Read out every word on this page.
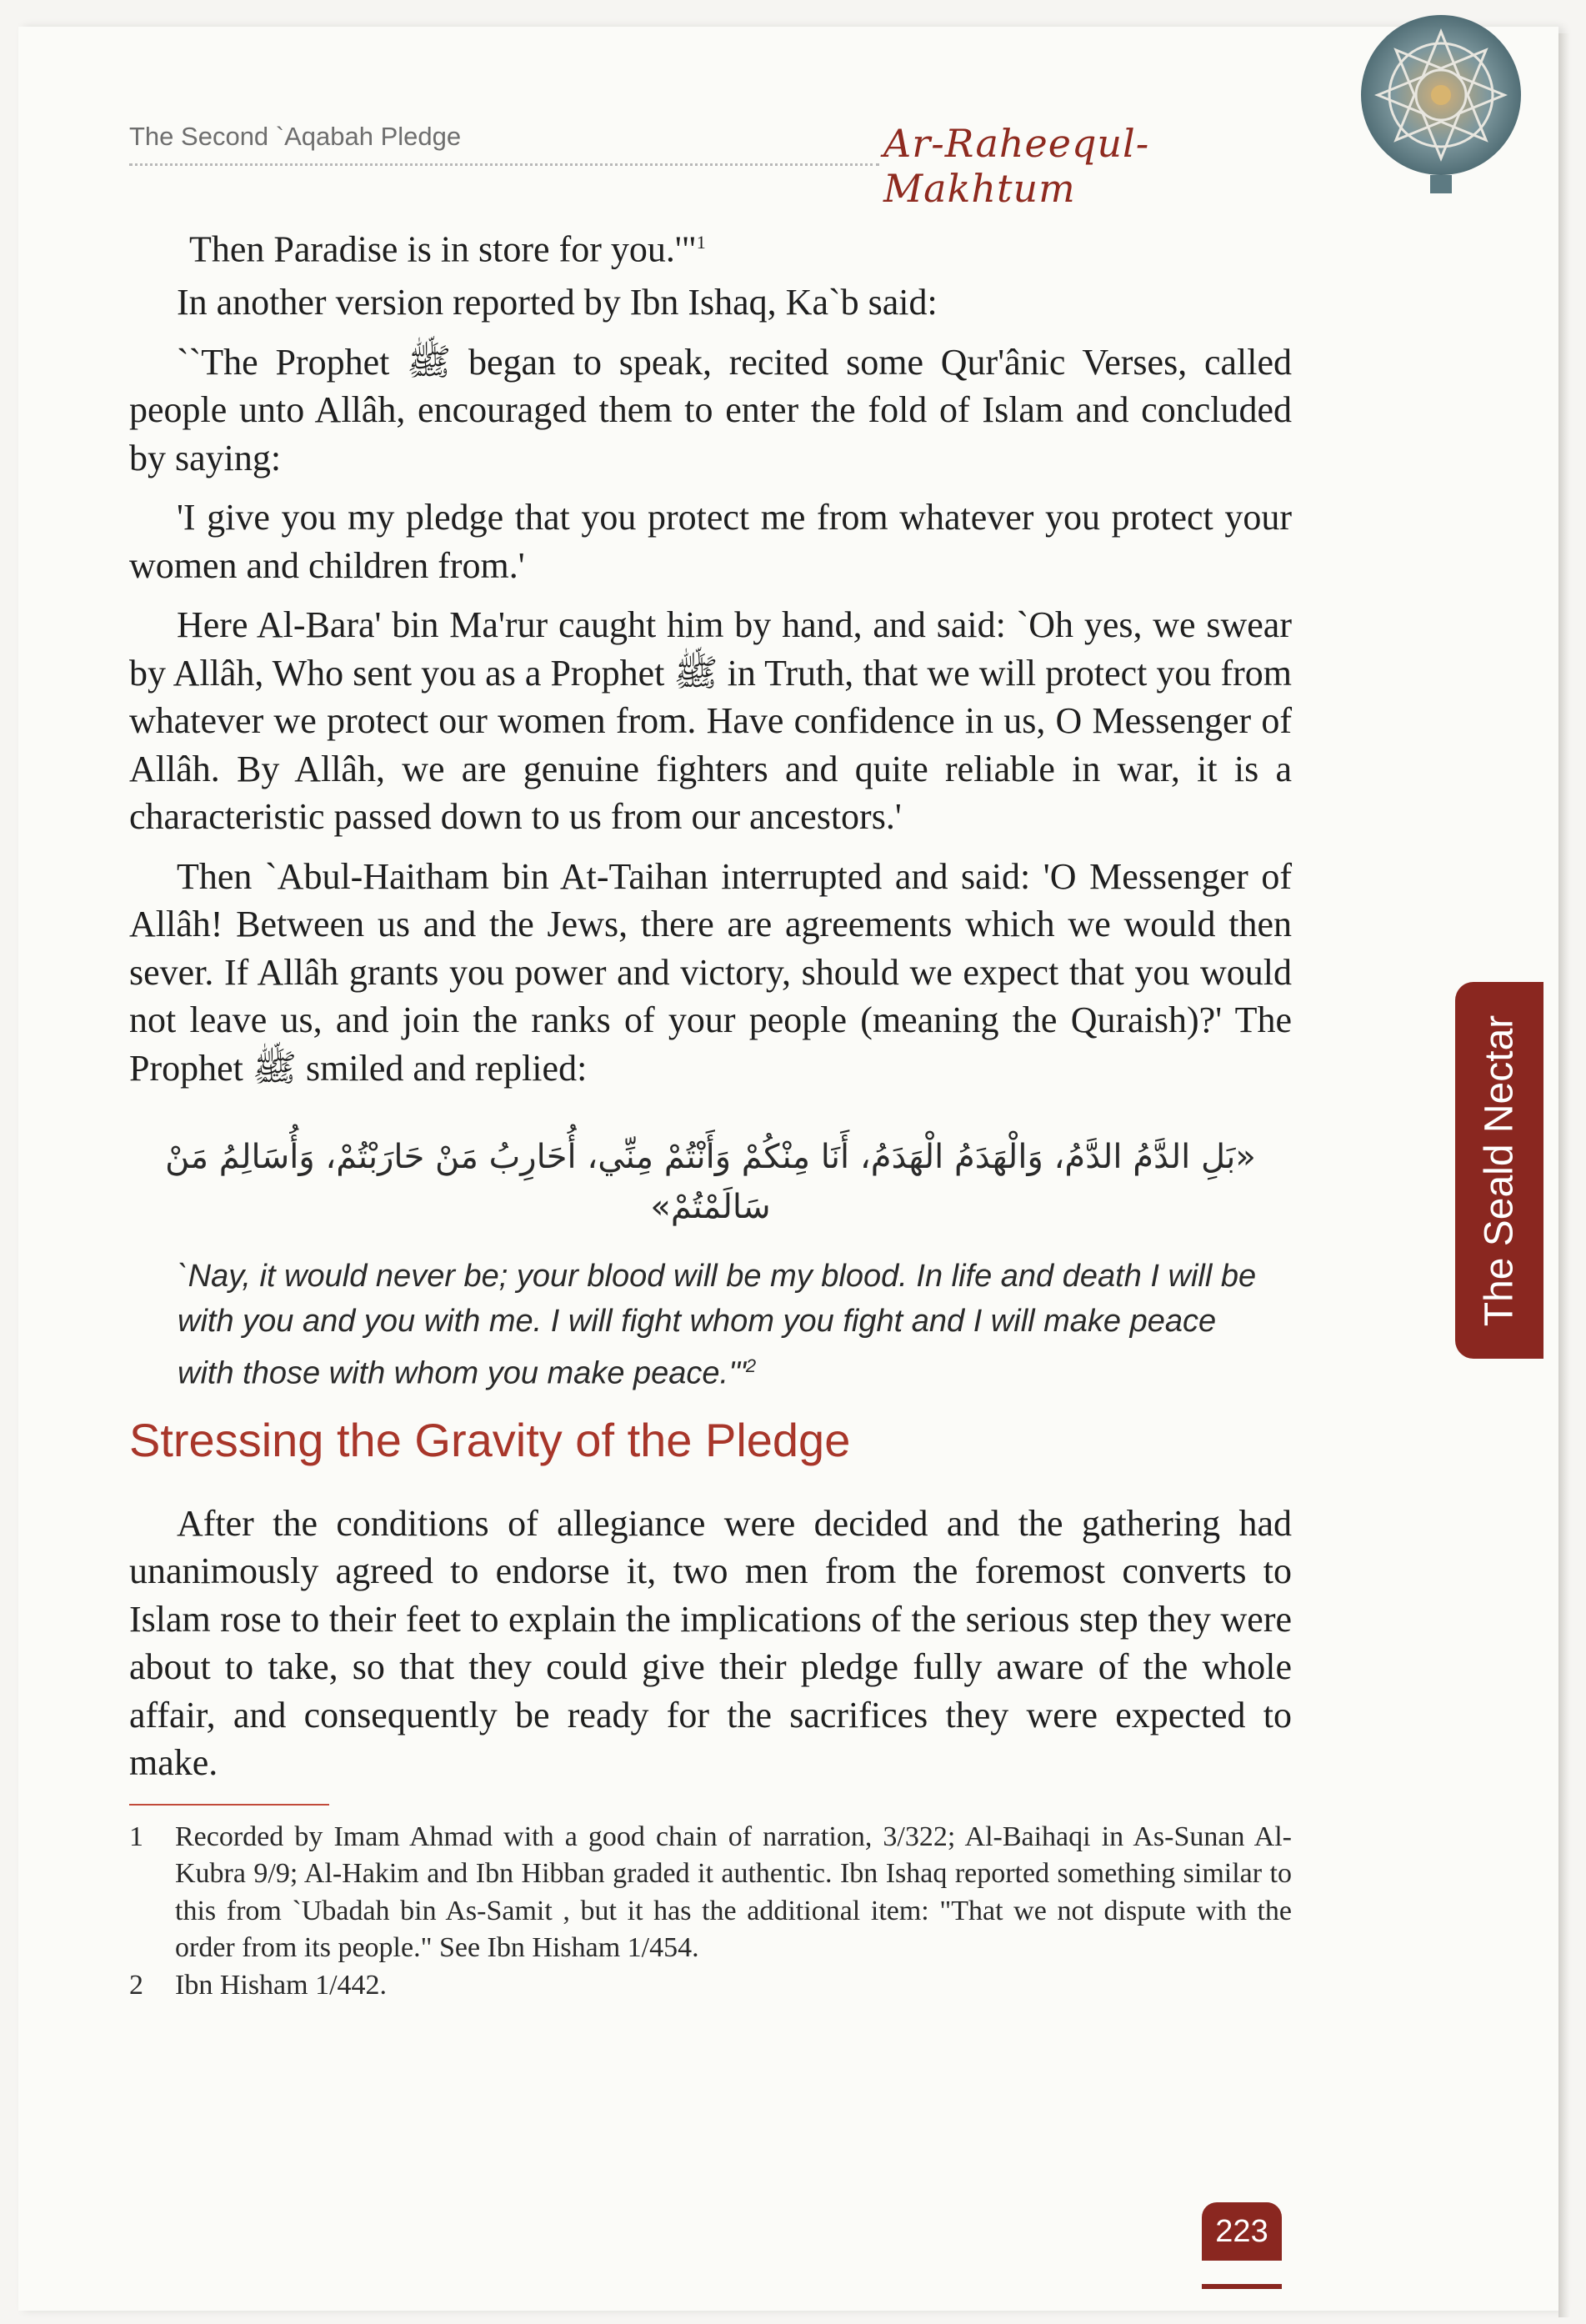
The Second `Aqabah Pledge	Ar-Raheequl-Makhtum

Then Paradise is in store for you.'"$^1$

In another version reported by Ibn Ishaq, Ka`b said:

``The Prophet ﷺ began to speak, recited some Qur'ânic Verses, called people unto Allâh, encouraged them to enter the fold of Islam and concluded by saying:

'I give you my pledge that you protect me from whatever you protect your women and children from.'

Here Al-Bara' bin Ma'rur caught him by hand, and said: `Oh yes, we swear by Allâh, Who sent you as a Prophet ﷺ in Truth, that we will protect you from whatever we protect our women from. Have confidence in us, O Messenger of Allâh. By Allâh, we are genuine fighters and quite reliable in war, it is a characteristic passed down to us from our ancestors.'

Then `Abul-Haitham bin At-Taihan interrupted and said: 'O Messenger of Allâh! Between us and the Jews, there are agreements which we would then sever. If Allâh grants you power and victory, should we expect that you would not leave us, and join the ranks of your people (meaning the Quraish)?' The Prophet ﷺ smiled and replied:

«بَلِ الدَّمُ الدَّمُ، وَالْهَدَمُ الْهَدَمُ، أَنَا مِنْكُمْ وَأَنْتُمْ مِنِّي، أُحَارِبُ مَنْ حَارَبْتُمْ، وَأُسَالِمُ مَنْ سَالَمْتُمْ»
`Nay, it would never be; your blood will be my blood. In life and death I will be with you and you with me. I will fight whom you fight and I will make peace with those with whom you make peace.'"$^2$
Stressing the Gravity of the Pledge

After the conditions of allegiance were decided and the gathering had unanimously agreed to endorse it, two men from the foremost converts to Islam rose to their feet to explain the implications of the serious step they were about to take, so that they could give their pledge fully aware of the whole affair, and consequently be ready for the sacrifices they were expected to make.

1	Recorded by Imam Ahmad with a good chain of narration, 3/322; Al-Baihaqi in As-Sunan Al-Kubra 9/9; Al-Hakim and Ibn Hibban graded it authentic. Ibn Ishaq reported something similar to this from `Ubadah bin As-Samit , but it has the additional item: "That we not dispute with the order from its people." See Ibn Hisham 1/454.
2	Ibn Hisham 1/442.
The Seald Nectar
223
